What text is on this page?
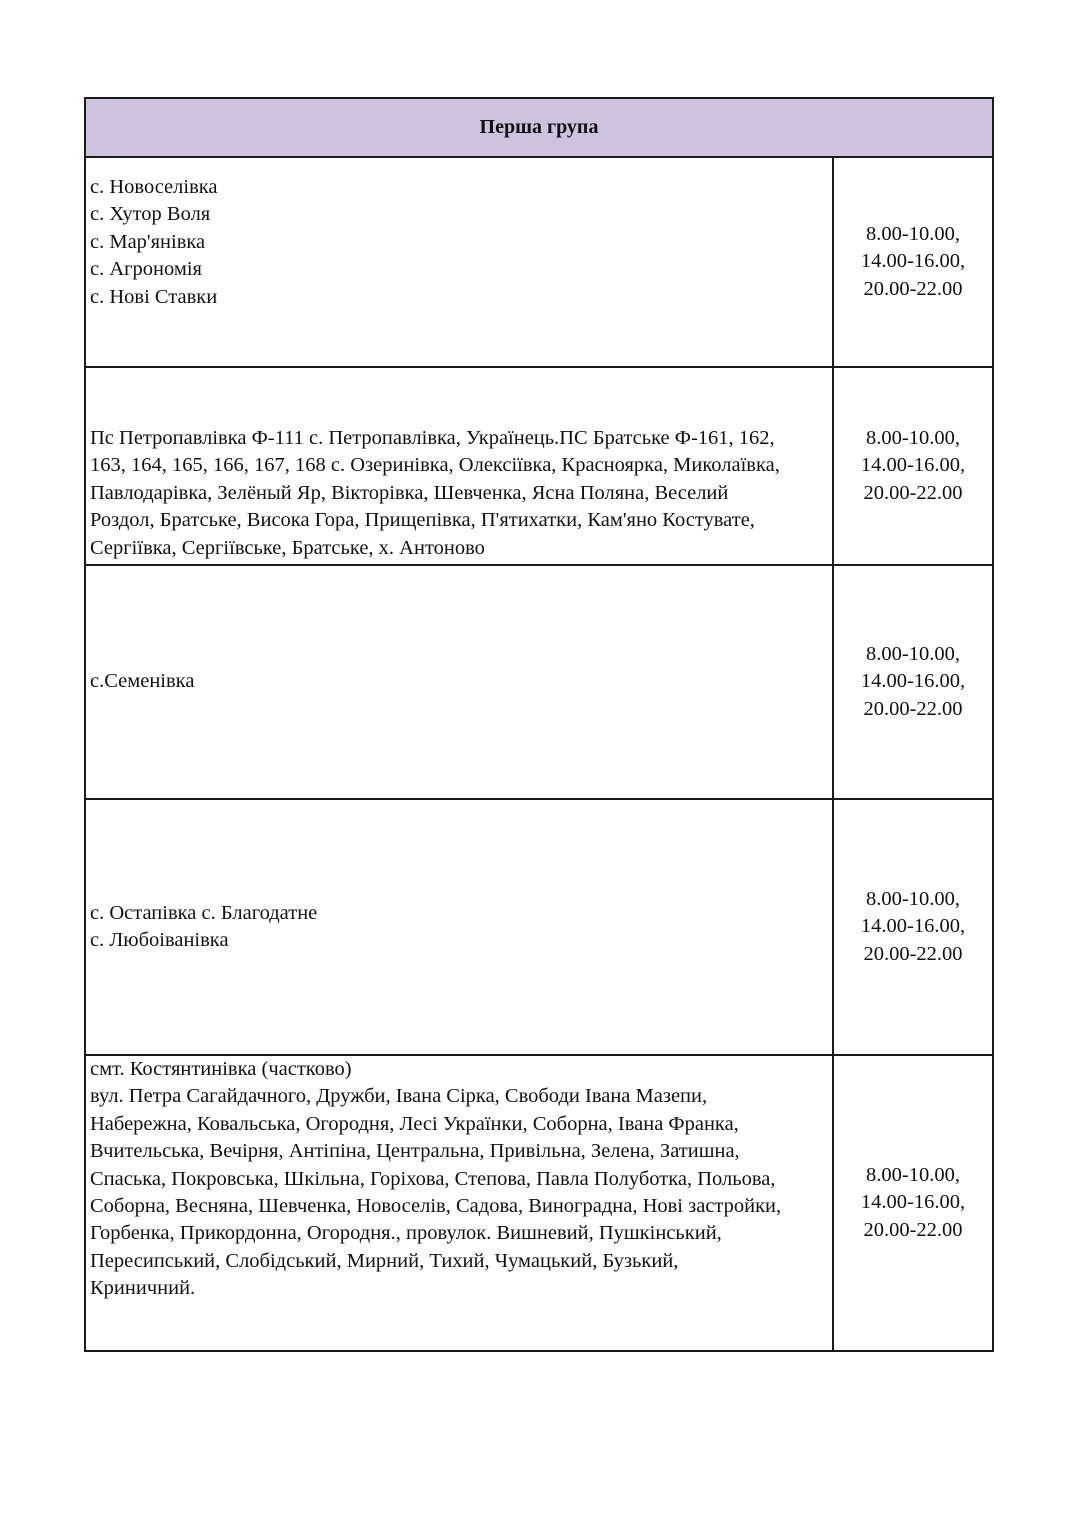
Перша група
с. Новоселівка
с. Хутор Воля
с. Мар'янівка
с. Агрономія
с. Нові Ставки
8.00-10.00,
14.00-16.00,
20.00-22.00
Пс Петропавлівка Ф-111 с. Петропавлівка, Українець.ПС Братське Ф-161, 162,
163, 164, 165, 166, 167, 168 с. Озеринівка, Олексіївка, Красноярка, Миколаївка,
Павлодарівка, Зелёный Яр, Вікторівка, Шевченка, Ясна Поляна, Веселий
Роздол, Братське, Висока Гора, Прищепівка, П'ятихатки, Кам'яно Костувате,
Сергіївка, Сергіївське, Братське, х. Антоново
8.00-10.00,
14.00-16.00,
20.00-22.00
с.Семенівка
8.00-10.00,
14.00-16.00,
20.00-22.00
с. Остапівка с. Благодатне
с. Любоіванівка
8.00-10.00,
14.00-16.00,
20.00-22.00
смт. Костянтинівка (частково)
вул. Петра Сагайдачного, Дружби, Івана Сірка, Свободи Івана Мазепи,
Набережна, Ковальська, Огородня, Лесі Українки, Соборна, Івана Франка,
Вчительська, Вечірня, Антіпіна, Центральна, Привільна, Зелена, Затишна,
Спаська, Покровська, Шкільна, Горіхова, Степова, Павла Полуботка, Польова,
Соборна, Весняна, Шевченка, Новоселів, Садова, Виноградна, Нові застройки,
Горбенка, Прикордонна, Огородня., провулок. Вишневий, Пушкінський,
Пересипський, Слобідський, Мирний, Тихий, Чумацький, Бузький,
Криничний.
8.00-10.00,
14.00-16.00,
20.00-22.00
